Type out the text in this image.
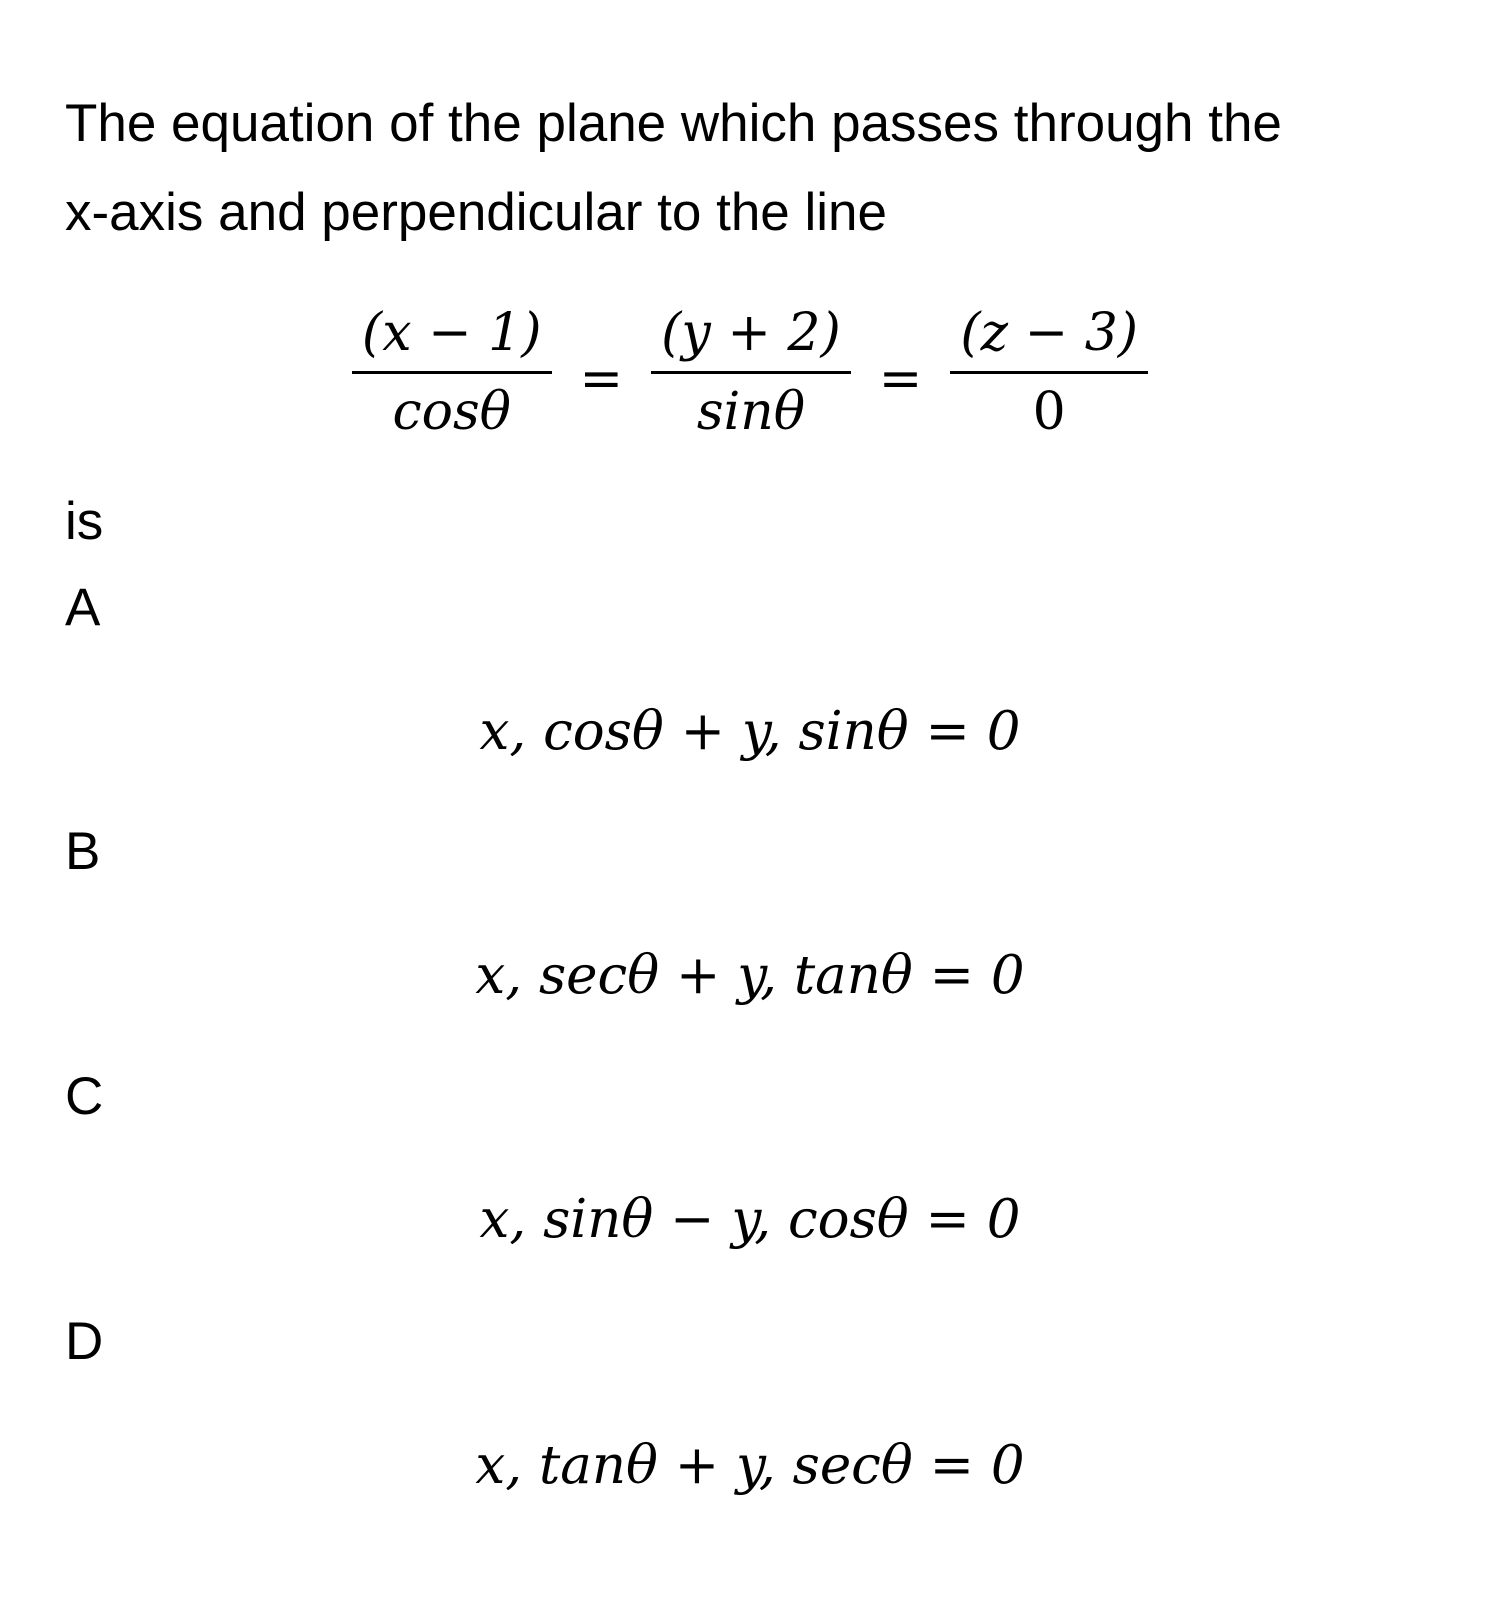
The equation of the plane which passes through the
x-axis and perpendicular to the line
$\frac{(x - 1)}{\cos\theta} = \frac{(y + 2)}{\sin\theta} = \frac{(z - 3)}{0}$
is
A
x, cosθ + y, sinθ = 0
B
x, secθ + y, tanθ = 0
C
x, sinθ − y, cosθ = 0
D
x, tanθ + y, secθ = 0
